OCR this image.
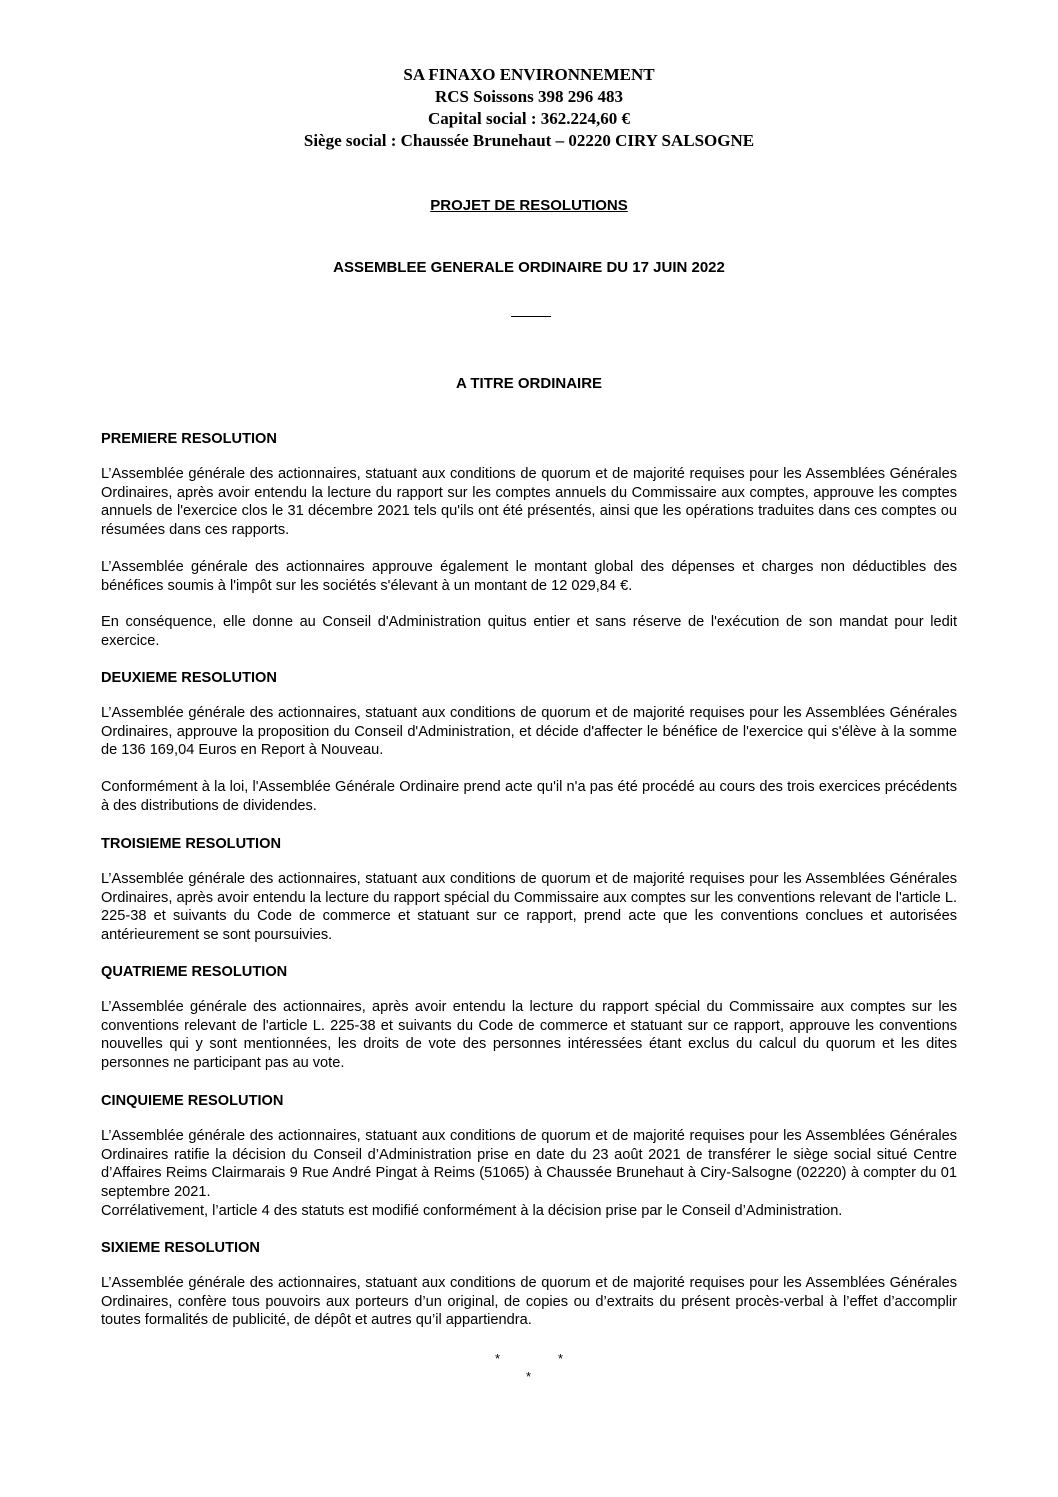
SA FINAXO ENVIRONNEMENT
RCS Soissons 398 296 483
Capital social : 362.224,60 €
Siège social : Chaussée Brunehaut – 02220 CIRY SALSOGNE
PROJET DE RESOLUTIONS
ASSEMBLEE GENERALE ORDINAIRE DU 17 JUIN 2022
A TITRE ORDINAIRE
PREMIERE RESOLUTION

L’Assemblée générale des actionnaires, statuant aux conditions de quorum et de majorité requises pour les Assemblées Générales Ordinaires, après avoir entendu la lecture du rapport sur les comptes annuels du Commissaire aux comptes, approuve les comptes annuels de l'exercice clos le 31 décembre 2021 tels qu'ils ont été présentés, ainsi que les opérations traduites dans ces comptes ou résumées dans ces rapports.

L’Assemblée générale des actionnaires approuve également le montant global des dépenses et charges non déductibles des bénéfices soumis à l'impôt sur les sociétés s'élevant à un montant de 12 029,84 €.

En conséquence, elle donne au Conseil d'Administration quitus entier et sans réserve de l'exécution de son mandat pour ledit exercice.

DEUXIEME RESOLUTION

L’Assemblée générale des actionnaires, statuant aux conditions de quorum et de majorité requises pour les Assemblées Générales Ordinaires, approuve la proposition du Conseil d'Administration, et décide d'affecter le bénéfice de l'exercice qui s'élève à la somme de 136 169,04 Euros en Report à Nouveau.

Conformément à la loi, l'Assemblée Générale Ordinaire prend acte qu'il n'a pas été procédé au cours des trois exercices précédents à des distributions de dividendes.

TROISIEME RESOLUTION

L’Assemblée générale des actionnaires, statuant aux conditions de quorum et de majorité requises pour les Assemblées Générales Ordinaires, après avoir entendu la lecture du rapport spécial du Commissaire aux comptes sur les conventions relevant de l'article L. 225-38 et suivants du Code de commerce et statuant sur ce rapport, prend acte que les conventions conclues et autorisées antérieurement se sont poursuivies.

QUATRIEME RESOLUTION

L’Assemblée générale des actionnaires, après avoir entendu la lecture du rapport spécial du Commissaire aux comptes sur les conventions relevant de l'article L. 225-38 et suivants du Code de commerce et statuant sur ce rapport, approuve les conventions nouvelles qui y sont mentionnées, les droits de vote des personnes intéressées étant exclus du calcul du quorum et les dites personnes ne participant pas au vote.

CINQUIEME RESOLUTION

L’Assemblée générale des actionnaires, statuant aux conditions de quorum et de majorité requises pour les Assemblées Générales Ordinaires ratifie la décision du Conseil d’Administration prise en date du 23 août 2021 de transférer le siège social situé Centre d’Affaires Reims Clairmarais 9 Rue André Pingat à Reims (51065) à Chaussée Brunehaut à Ciry-Salsogne (02220) à compter du 01 septembre 2021.

Corrélativement, l’article 4 des statuts est modifié conformément à la décision prise par le Conseil d’Administration.

SIXIEME RESOLUTION

L’Assemblée générale des actionnaires, statuant aux conditions de quorum et de majorité requises pour les Assemblées Générales Ordinaires, confère tous pouvoirs aux porteurs d’un original, de copies ou d’extraits du présent procès-verbal à l’effet d’accomplir toutes formalités de publicité, de dépôt et autres qu’il appartiendra.

*	*
*
